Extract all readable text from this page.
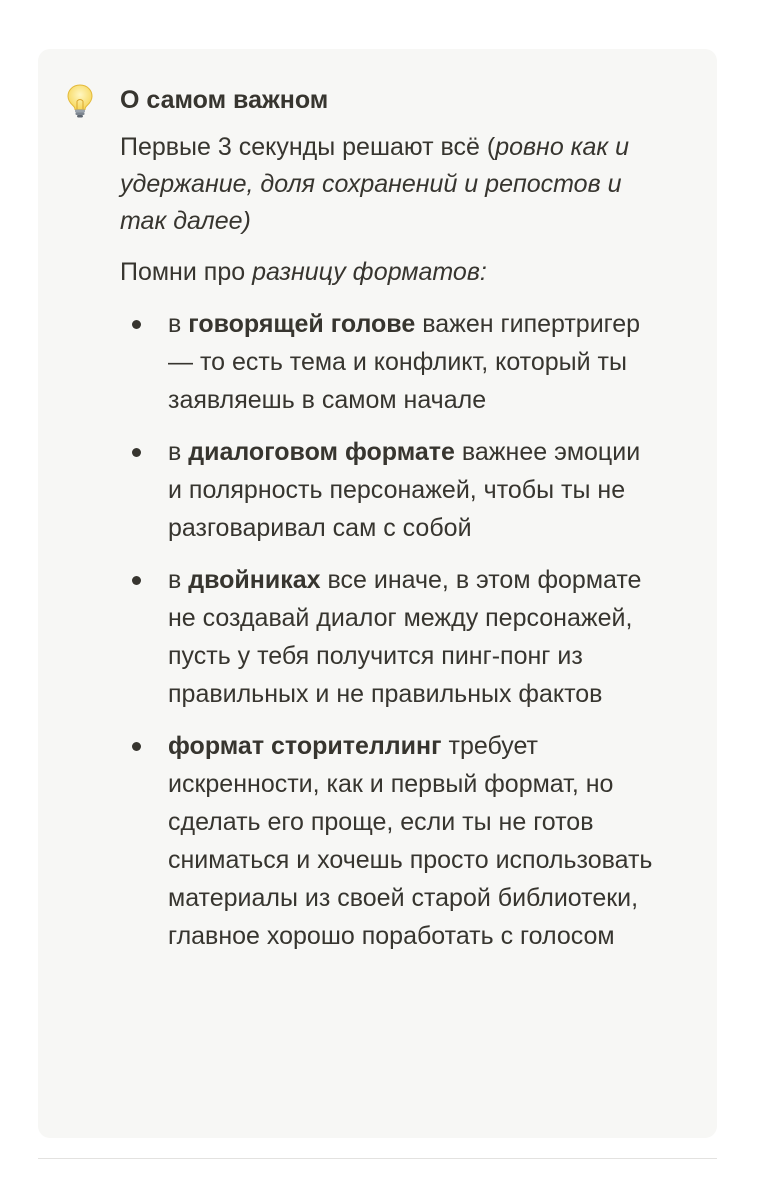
О самом важном

Первые 3 секунды решают всё (ровно как и удержание, доля сохранений и репостов и так далее)

Помни про разницу форматов:

в говорящей голове важен гипертригер — то есть тема и конфликт, который ты заявляешь в самом начале
в диалоговом формате важнее эмоции и полярность персонажей, чтобы ты не разговаривал сам с собой
в двойниках все иначе, в этом формате не создавай диалог между персонажей, пусть у тебя получится пинг-понг из правильных и не правильных фактов
формат сторителлинг требует искренности, как и первый формат, но сделать его проще, если ты не готов сниматься и хочешь просто использовать материалы из своей старой библиотеки, главное хорошо поработать с голосом
